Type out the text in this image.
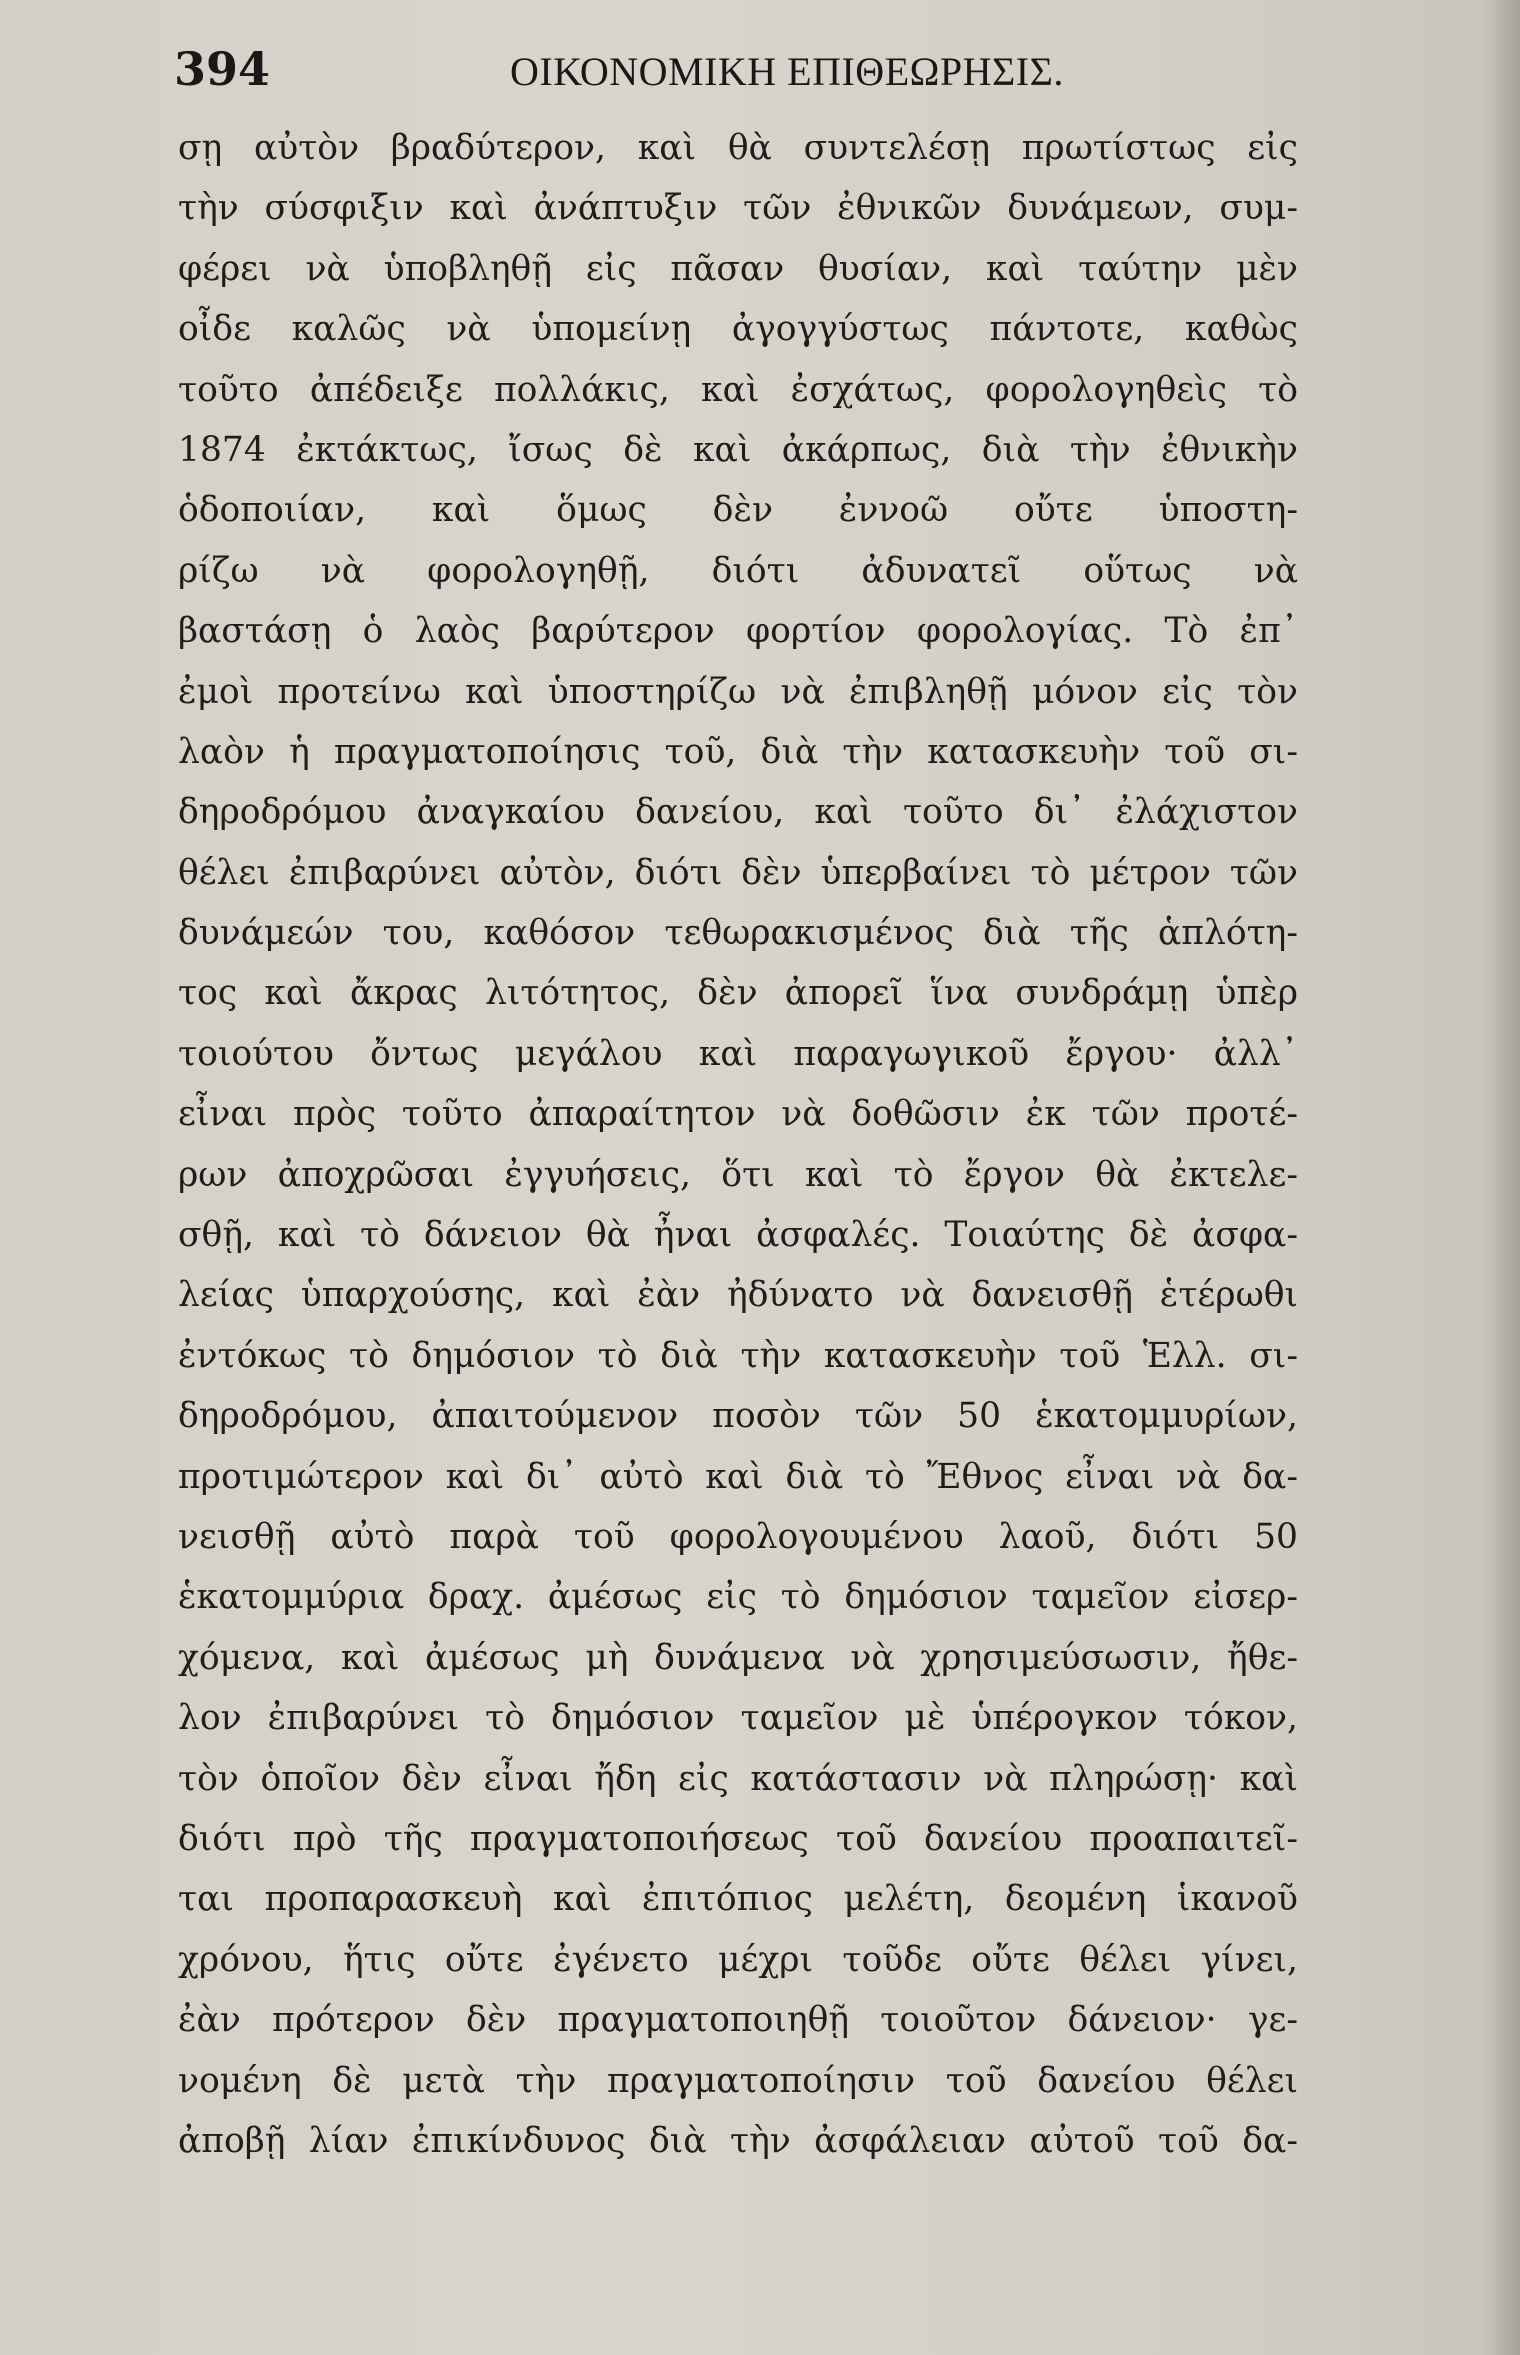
394	ΟΙΚΟΝΟΜΙΚΗ ΕΠΙΘΕΩΡΗΣΙΣ.
σῃ αὐτὸν βραδύτερον, καὶ θὰ συντελέσῃ πρωτίστως εἰς
τὴν σύσφιξιν καὶ ἀνάπτυξιν τῶν ἐθνικῶν δυνάμεων, συμ-
φέρει νὰ ὑποβληθῇ εἰς πᾶσαν θυσίαν, καὶ ταύτην μὲν
οἶδε καλῶς νὰ ὑπομείνῃ ἀγογγύστως πάντοτε, καθὼς
τοῦτο ἀπέδειξε πολλάκις, καὶ ἐσχάτως, φορολογηθεὶς τὸ
1874 ἐκτάκτως, ἴσως δὲ καὶ ἀκάρπως, διὰ τὴν ἐθνικὴν
ὁδοποιίαν, καὶ ὅμως δὲν ἐννοῶ οὔτε ὑποστη-
ρίζω νὰ φορολογηθῇ, διότι ἀδυνατεῖ οὕτως νὰ
βαστάσῃ ὁ λαὸς βαρύτερον φορτίον φορολογίας. Τὸ ἐπ᾽
ἐμοὶ προτείνω καὶ ὑποστηρίζω νὰ ἐπιβληθῇ μόνον εἰς τὸν
λαὸν ἡ πραγματοποίησις τοῦ, διὰ τὴν κατασκευὴν τοῦ σι-
δηροδρόμου ἀναγκαίου δανείου, καὶ τοῦτο δι᾽ ἐλάχιστον
θέλει ἐπιβαρύνει αὐτὸν, διότι δὲν ὑπερβαίνει τὸ μέτρον τῶν
δυνάμεών του, καθόσον τεθωρακισμένος διὰ τῆς ἁπλότη-
τος καὶ ἄκρας λιτότητος, δὲν ἀπορεῖ ἵνα συνδράμῃ ὑπὲρ
τοιούτου ὄντως μεγάλου καὶ παραγωγικοῦ ἔργου· ἀλλ᾽
εἶναι πρὸς τοῦτο ἀπαραίτητον νὰ δοθῶσιν ἐκ τῶν προτέ-
ρων ἀποχρῶσαι ἐγγυήσεις, ὅτι καὶ τὸ ἔργον θὰ ἐκτελε-
σθῇ, καὶ τὸ δάνειον θὰ ἦναι ἀσφαλές. Τοιαύτης δὲ ἀσφα-
λείας ὑπαρχούσης, καὶ ἐὰν ἠδύνατο νὰ δανεισθῇ ἑτέρωθι
ἐντόκως τὸ δημόσιον τὸ διὰ τὴν κατασκευὴν τοῦ Ἑλλ. σι-
δηροδρόμου, ἀπαιτούμενον ποσὸν τῶν 50 ἑκατομμυρίων,
προτιμώτερον καὶ δι᾽ αὐτὸ καὶ διὰ τὸ Ἔθνος εἶναι νὰ δα-
νεισθῇ αὐτὸ παρὰ τοῦ φορολογουμένου λαοῦ, διότι 50
ἑκατομμύρια δραχ. ἀμέσως εἰς τὸ δημόσιον ταμεῖον εἰσερ-
χόμενα, καὶ ἀμέσως μὴ δυνάμενα νὰ χρησιμεύσωσιν, ἤθε-
λον ἐπιβαρύνει τὸ δημόσιον ταμεῖον μὲ ὑπέρογκον τόκον,
τὸν ὁποῖον δὲν εἶναι ἤδη εἰς κατάστασιν νὰ πληρώσῃ· καὶ
διότι πρὸ τῆς πραγματοποιήσεως τοῦ δανείου προαπαιτεῖ-
ται προπαρασκευὴ καὶ ἐπιτόπιος μελέτη, δεομένη ἱκανοῦ
χρόνου, ἥτις οὔτε ἐγένετο μέχρι τοῦδε οὔτε θέλει γίνει,
ἐὰν πρότερον δὲν πραγματοποιηθῇ τοιοῦτον δάνειον· γε-
νομένη δὲ μετὰ τὴν πραγματοποίησιν τοῦ δανείου θέλει
ἀποβῇ λίαν ἐπικίνδυνος διὰ τὴν ἀσφάλειαν αὐτοῦ τοῦ δα-
